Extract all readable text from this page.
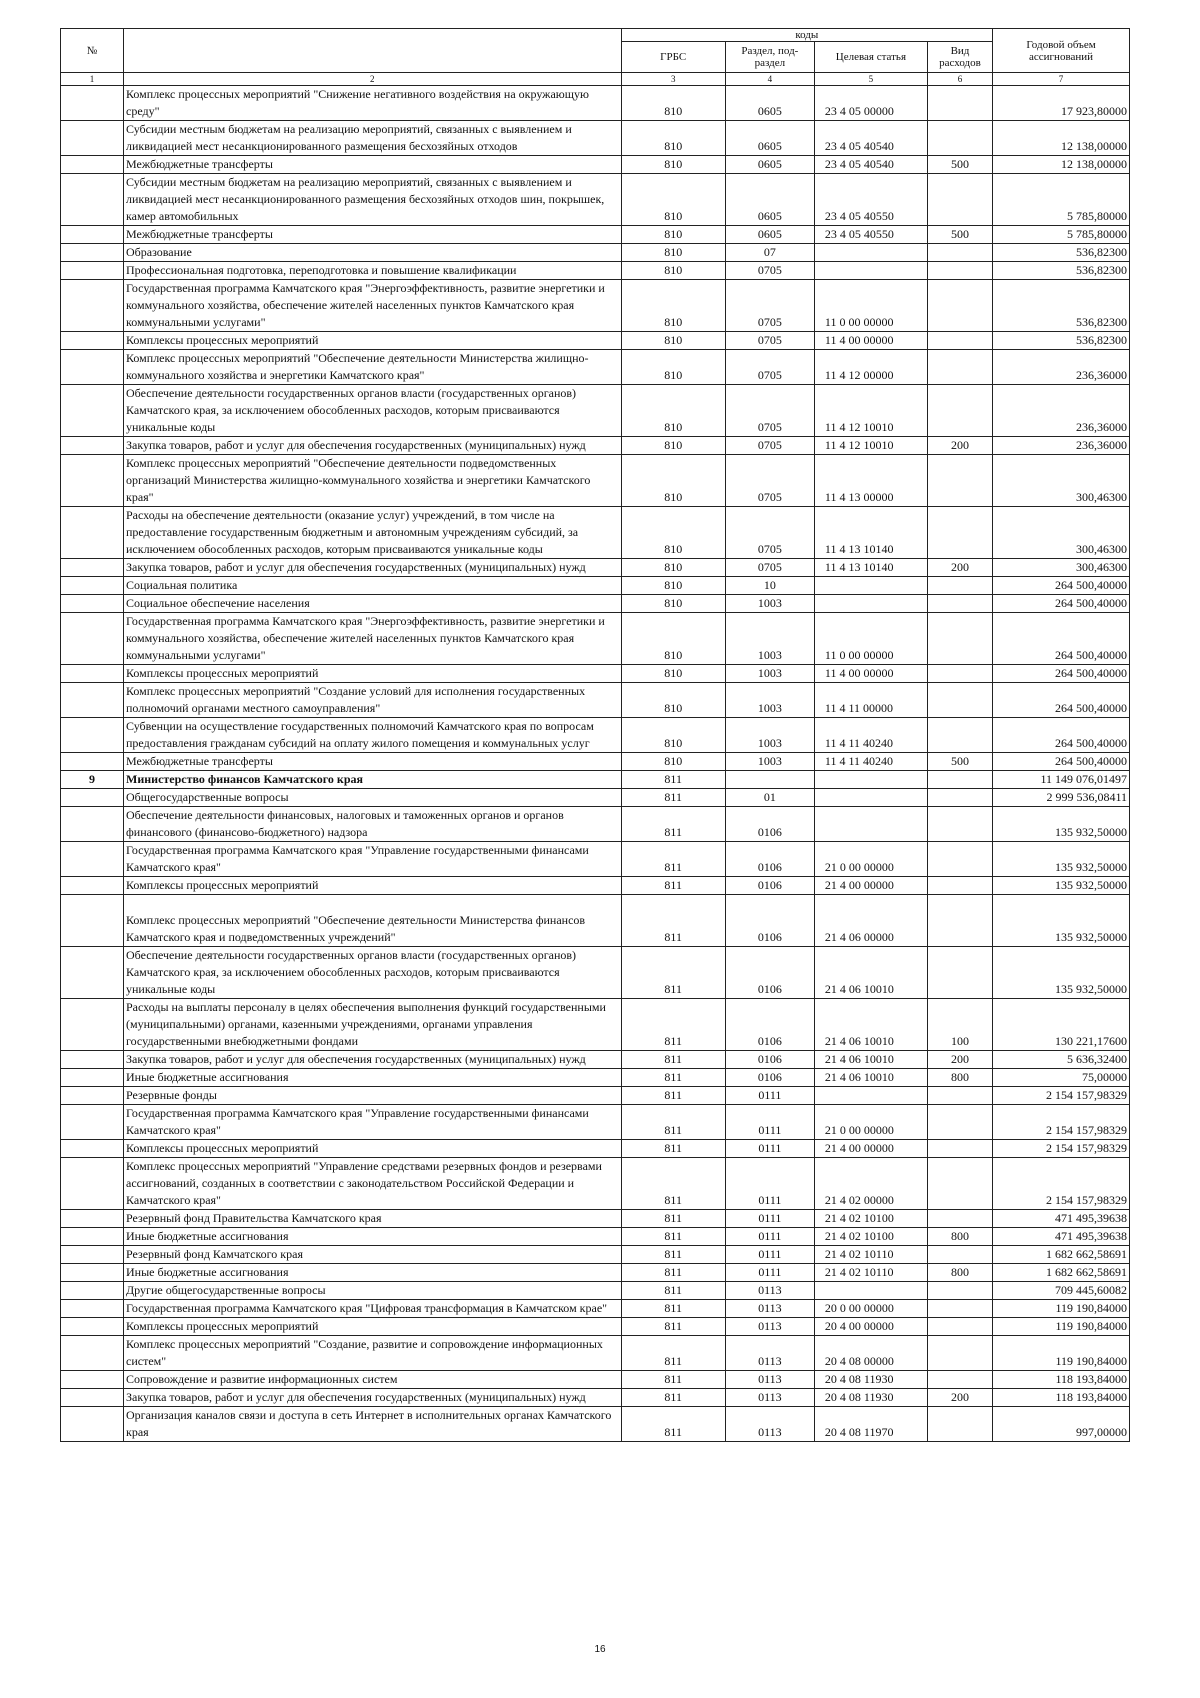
№		коды				Годовой объем ассигнований
		ГРБС	Раздел, под-раздел	Целевая статья	Вид расходов	
1	2	3	4	5	6	7
	Комплекс процессных мероприятий "Снижение негативного воздействия на окружающую среду"	810	0605	23 4 05 00000		17 923,80000
	Субсидии местным бюджетам на реализацию мероприятий, связанных с выявлением и ликвидацией мест несанкционированного размещения бесхозяйных отходов	810	0605	23 4 05 40540		12 138,00000
	Межбюджетные трансферты	810	0605	23 4 05 40540	500	12 138,00000
	Субсидии местным бюджетам на реализацию мероприятий, связанных с выявлением и ликвидацией мест несанкционированного размещения бесхозяйных отходов шин, покрышек, камер автомобильных	810	0605	23 4 05 40550		5 785,80000
	Межбюджетные трансферты	810	0605	23 4 05 40550	500	5 785,80000
	Образование	810	07			536,82300
	Профессиональная подготовка, переподготовка и повышение квалификации	810	0705			536,82300
	Государственная программа Камчатского края "Энергоэффективность, развитие энергетики и коммунального хозяйства, обеспечение жителей населенных пунктов Камчатского края коммунальными услугами"	810	0705	11 0 00 00000		536,82300
	Комплексы процессных мероприятий	810	0705	11 4 00 00000		536,82300
	Комплекс процессных мероприятий "Обеспечение деятельности Министерства жилищно-коммунального хозяйства и энергетики Камчатского края"	810	0705	11 4 12 00000		236,36000
	Обеспечение деятельности государственных органов власти (государственных органов) Камчатского края, за исключением обособленных расходов, которым присваиваются уникальные коды	810	0705	11 4 12 10010		236,36000
	Закупка товаров, работ и услуг для обеспечения государственных (муниципальных) нужд	810	0705	11 4 12 10010	200	236,36000
	Комплекс процессных мероприятий "Обеспечение деятельности подведомственных организаций Министерства жилищно-коммунального хозяйства и энергетики Камчатского края"	810	0705	11 4 13 00000		300,46300
	Расходы на обеспечение деятельности (оказание услуг) учреждений, в том числе на предоставление государственным бюджетным и автономным учреждениям субсидий, за исключением обособленных расходов, которым присваиваются уникальные коды	810	0705	11 4 13 10140		300,46300
	Закупка товаров, работ и услуг для обеспечения государственных (муниципальных) нужд	810	0705	11 4 13 10140	200	300,46300
	Социальная политика	810	10			264 500,40000
	Социальное обеспечение населения	810	1003			264 500,40000
	Государственная программа Камчатского края "Энергоэффективность, развитие энергетики и коммунального хозяйства, обеспечение жителей населенных пунктов Камчатского края коммунальными услугами"	810	1003	11 0 00 00000		264 500,40000
	Комплексы процессных мероприятий	810	1003	11 4 00 00000		264 500,40000
	Комплекс процессных мероприятий "Создание условий для исполнения государственных полномочий органами местного самоуправления"	810	1003	11 4 11 00000		264 500,40000
	Субвенции на осуществление государственных полномочий Камчатского края по вопросам предоставления гражданам субсидий на оплату жилого помещения и коммунальных услуг	810	1003	11 4 11 40240		264 500,40000
	Межбюджетные трансферты	810	1003	11 4 11 40240	500	264 500,40000
9	Министерство финансов Камчатского края	811				11 149 076,01497
	Общегосударственные вопросы	811	01			2 999 536,08411
	Обеспечение деятельности финансовых, налоговых и таможенных органов и органов финансового (финансово-бюджетного) надзора	811	0106			135 932,50000
	Государственная программа Камчатского края "Управление государственными финансами Камчатского края"	811	0106	21 0 00 00000		135 932,50000
	Комплексы процессных мероприятий	811	0106	21 4 00 00000		135 932,50000
	Комплекс процессных мероприятий "Обеспечение деятельности Министерства финансов Камчатского края и подведомственных учреждений"	811	0106	21 4 06 00000		135 932,50000
	Обеспечение деятельности государственных органов власти (государственных органов) Камчатского края, за исключением обособленных расходов, которым присваиваются уникальные коды	811	0106	21 4 06 10010		135 932,50000
	Расходы на выплаты персоналу в целях обеспечения выполнения функций государственными (муниципальными) органами, казенными учреждениями, органами управления государственными внебюджетными фондами	811	0106	21 4 06 10010	100	130 221,17600
	Закупка товаров, работ и услуг для обеспечения государственных (муниципальных) нужд	811	0106	21 4 06 10010	200	5 636,32400
	Иные бюджетные ассигнования	811	0106	21 4 06 10010	800	75,00000
	Резервные фонды	811	0111			2 154 157,98329
	Государственная программа Камчатского края "Управление государственными финансами Камчатского края"	811	0111	21 0 00 00000		2 154 157,98329
	Комплексы процессных мероприятий	811	0111	21 4 00 00000		2 154 157,98329
	Комплекс процессных мероприятий "Управление средствами резервных фондов и резервами ассигнований, созданных в соответствии с законодательством Российской Федерации и Камчатского края"	811	0111	21 4 02 00000		2 154 157,98329
	Резервный фонд Правительства Камчатского края	811	0111	21 4 02 10100		471 495,39638
	Иные бюджетные ассигнования	811	0111	21 4 02 10100	800	471 495,39638
	Резервный фонд Камчатского края	811	0111	21 4 02 10110		1 682 662,58691
	Иные бюджетные ассигнования	811	0111	21 4 02 10110	800	1 682 662,58691
	Другие общегосударственные вопросы	811	0113			709 445,60082
	Государственная программа Камчатского края "Цифровая трансформация в Камчатском крае"	811	0113	20 0 00 00000		119 190,84000
	Комплексы процессных мероприятий	811	0113	20 4 00 00000		119 190,84000
	Комплекс процессных мероприятий "Создание, развитие и сопровождение информационных систем"	811	0113	20 4 08 00000		119 190,84000
	Сопровождение и развитие информационных систем	811	0113	20 4 08 11930		118 193,84000
	Закупка товаров, работ и услуг для обеспечения государственных (муниципальных) нужд	811	0113	20 4 08 11930	200	118 193,84000
	Организация каналов связи и доступа в сеть Интернет в исполнительных органах Камчатского края	811	0113	20 4 08 11970		997,00000
16
